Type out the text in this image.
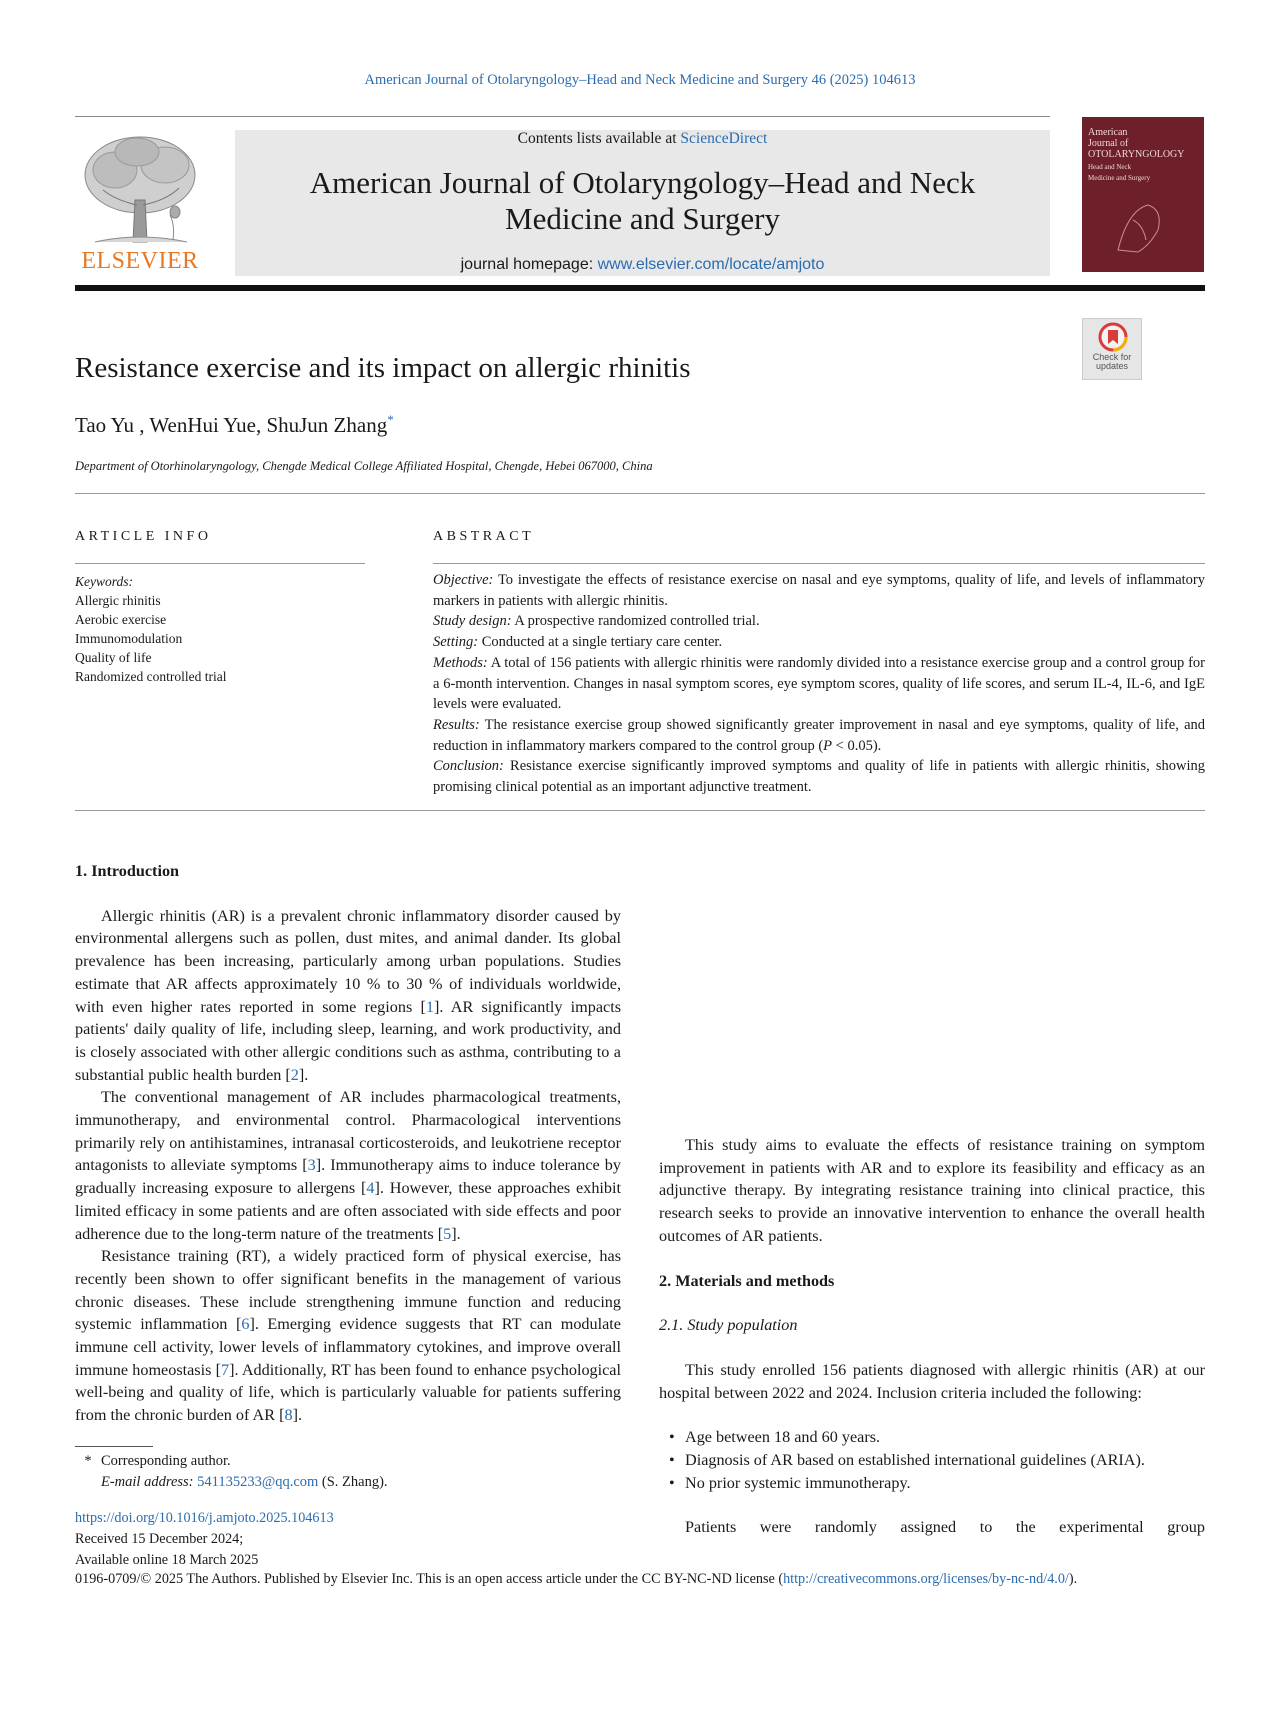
American Journal of Otolaryngology–Head and Neck Medicine and Surgery 46 (2025) 104613
ELSEVIER
Contents lists available at ScienceDirect
American Journal of Otolaryngology–Head and Neck
Medicine and Surgery
journal homepage: www.elsevier.com/locate/amjoto
American
Journal of
OTOLARYNGOLOGY
Head and Neck
Medicine and Surgery
Check for
updates
Resistance exercise and its impact on allergic rhinitis
Tao Yu , WenHui Yue, ShuJun Zhang*
Department of Otorhinolaryngology, Chengde Medical College Affiliated Hospital, Chengde, Hebei 067000, China
ARTICLE INFO
Keywords:
Allergic rhinitis
Aerobic exercise
Immunomodulation
Quality of life
Randomized controlled trial
ABSTRACT

Objective: To investigate the effects of resistance exercise on nasal and eye symptoms, quality of life, and levels of inflammatory markers in patients with allergic rhinitis.

Study design: A prospective randomized controlled trial.

Setting: Conducted at a single tertiary care center.

Methods: A total of 156 patients with allergic rhinitis were randomly divided into a resistance exercise group and a control group for a 6-month intervention. Changes in nasal symptom scores, eye symptom scores, quality of life scores, and serum IL-4, IL-6, and IgE levels were evaluated.

Results: The resistance exercise group showed significantly greater improvement in nasal and eye symptoms, quality of life, and reduction in inflammatory markers compared to the control group (P < 0.05).

Conclusion: Resistance exercise significantly improved symptoms and quality of life in patients with allergic rhinitis, showing promising clinical potential as an important adjunctive treatment.

1. Introduction

Allergic rhinitis (AR) is a prevalent chronic inflammatory disorder caused by environmental allergens such as pollen, dust mites, and animal dander. Its global prevalence has been increasing, particularly among urban populations. Studies estimate that AR affects approximately 10 % to 30 % of individuals worldwide, with even higher rates reported in some regions [1]. AR significantly impacts patients' daily quality of life, including sleep, learning, and work productivity, and is closely associated with other allergic conditions such as asthma, contributing to a substantial public health burden [2].

The conventional management of AR includes pharmacological treatments, immunotherapy, and environmental control. Pharmacological interventions primarily rely on antihistamines, intranasal corticosteroids, and leukotriene receptor antagonists to alleviate symptoms [3]. Immunotherapy aims to induce tolerance by gradually increasing exposure to allergens [4]. However, these approaches exhibit limited efficacy in some patients and are often associated with side effects and poor adherence due to the long-term nature of the treatments [5].

Resistance training (RT), a widely practiced form of physical exercise, has recently been shown to offer significant benefits in the management of various chronic diseases. These include strengthening immune function and reducing systemic inflammation [6]. Emerging evidence suggests that RT can modulate immune cell activity, lower levels of inflammatory cytokines, and improve overall immune homeostasis [7]. Additionally, RT has been found to enhance psychological well-being and quality of life, which is particularly valuable for patients suffering from the chronic burden of AR [8].

This study aims to evaluate the effects of resistance training on symptom improvement in patients with AR and to explore its feasibility and efficacy as an adjunctive therapy. By integrating resistance training into clinical practice, this research seeks to provide an innovative intervention to enhance the overall health outcomes of AR patients.

2. Materials and methods
2.1. Study population

This study enrolled 156 patients diagnosed with allergic rhinitis (AR) at our hospital between 2022 and 2024. Inclusion criteria included the following:

• Age between 18 and 60 years.
• Diagnosis of AR based on established international guidelines (ARIA).
• No prior systemic immunotherapy.

Patients were randomly assigned to the experimental group

* Corresponding author.
E-mail address: 541135233@qq.com (S. Zhang).
https://doi.org/10.1016/j.amjoto.2025.104613
Received 15 December 2024;
Available online 18 March 2025
0196-0709/© 2025 The Authors. Published by Elsevier Inc. This is an open access article under the CC BY-NC-ND license (http://creativecommons.org/licenses/by-nc-nd/4.0/).
